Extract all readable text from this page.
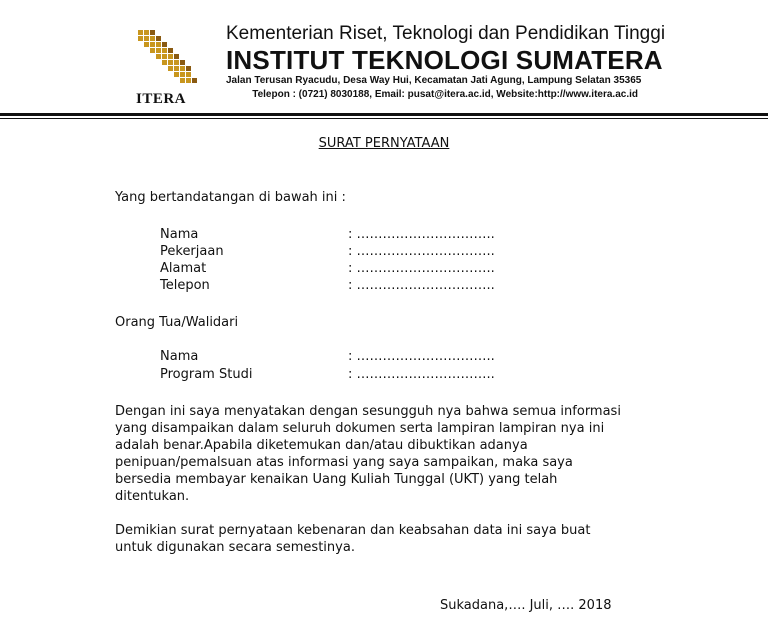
ITERA
Kementerian Riset, Teknologi dan Pendidikan Tinggi
INSTITUT TEKNOLOGI SUMATERA
Jalan Terusan Ryacudu, Desa Way Hui, Kecamatan Jati Agung, Lampung Selatan 35365
Telepon : (0721) 8030188, Email: pusat@itera.ac.id, Website:http://www.itera.ac.id
SURAT PERNYATAAN
Yang bertandatangan di bawah ini :
Nama	: …………………………..
Pekerjaan	: …………………………..
Alamat	: …………………………..
Telepon	: …………………………..
Orang Tua/Walidari
Nama	: …………………………..
Program Studi	: …………………………..
Dengan ini saya menyatakan dengan sesungguh nya bahwa semua informasi
yang disampaikan dalam seluruh dokumen serta lampiran lampiran nya ini
adalah benar.Apabila diketemukan dan/atau dibuktikan adanya
penipuan/pemalsuan atas informasi yang saya sampaikan, maka saya
bersedia membayar kenaikan Uang Kuliah Tunggal (UKT) yang telah
ditentukan.
Demikian surat pernyataan kebenaran dan keabsahan data ini saya buat
untuk digunakan secara semestinya.
Sukadana,…. Juli, …. 2018
